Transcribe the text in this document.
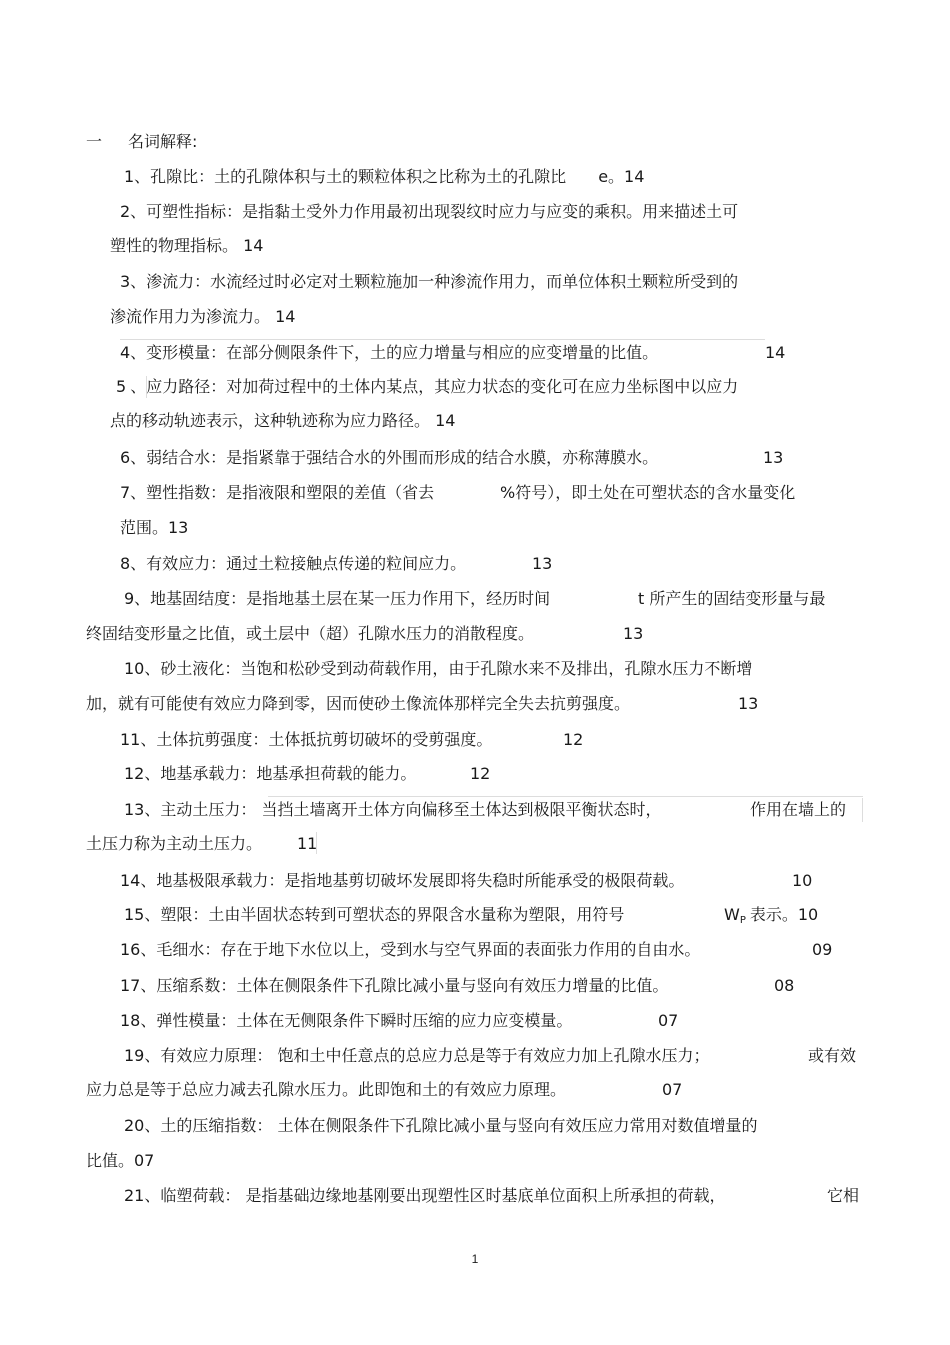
一 名词解释:
1、孔隙比：土的孔隙体积与土的颗粒体积之比称为土的孔隙比 e。14
2、可塑性指标：是指黏土受外力作用最初出现裂纹时应力与应变的乘积。用来描述土可
塑性的物理指标。 14
3、渗流力：水流经过时必定对土颗粒施加一种渗流作用力，而单位体积土颗粒所受到的
渗流作用力为渗流力。 14
4、变形模量：在部分侧限条件下，土的应力增量与相应的应变增量的比值。	14
5 、应力路径：对加荷过程中的土体内某点，其应力状态的变化可在应力坐标图中以应力
点的移动轨迹表示，这种轨迹称为应力路径。 14
6、弱结合水：是指紧靠于强结合水的外围而形成的结合水膜，亦称薄膜水。	13
7、塑性指数：是指液限和塑限的差值（省去	%符号），即土处在可塑状态的含水量变化
范围。13
8、有效应力：通过土粒接触点传递的粒间应力。	13
9、地基固结度：是指地基土层在某一压力作用下，经历时间	t 所产生的固结变形量与最
终固结变形量之比值，或土层中（超）孔隙水压力的消散程度。	13
10、砂土液化：当饱和松砂受到动荷载作用，由于孔隙水来不及排出，孔隙水压力不断增
加，就有可能使有效应力降到零，因而使砂土像流体那样完全失去抗剪强度。	13
11、土体抗剪强度：土体抵抗剪切破坏的受剪强度。	12
12、地基承载力：地基承担荷载的能力。	12
13、主动土压力： 当挡土墙离开土体方向偏移至土体达到极限平衡状态时，	作用在墙上的
土压力称为主动土压力。 11
14、地基极限承载力：是指地基剪切破坏发展即将失稳时所能承受的极限荷载。	10
15、塑限：土由半固状态转到可塑状态的界限含水量称为塑限，用符号	WP 表示。10
16、毛细水：存在于地下水位以上，受到水与空气界面的表面张力作用的自由水。	09
17、压缩系数：土体在侧限条件下孔隙比减小量与竖向有效压力增量的比值。	08
18、弹性模量：土体在无侧限条件下瞬时压缩的应力应变模量。	07
19、有效应力原理： 饱和土中任意点的总应力总是等于有效应力加上孔隙水压力；	或有效
应力总是等于总应力减去孔隙水压力。此即饱和土的有效应力原理。	07
20、土的压缩指数： 土体在侧限条件下孔隙比减小量与竖向有效压应力常用对数值增量的
比值。07
21、临塑荷载： 是指基础边缘地基刚要出现塑性区时基底单位面积上所承担的荷载，	它相
1
